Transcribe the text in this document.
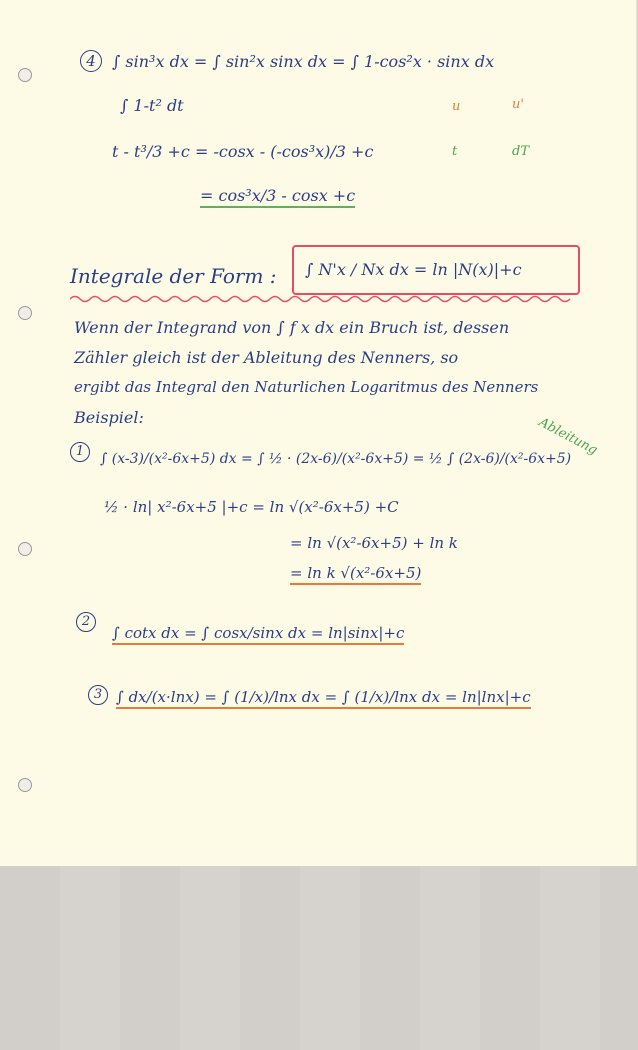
4	∫ sin³x dx = ∫ sin²x sinx dx = ∫ 1-cos²x · sinx dx
u	u'
t	dT
∫ 1-t² dt
t - t³/3 +c = -cosx - (-cos³x)/3 +c
= cos³x/3 - cosx +c
Integrale der Form : ∫ N'x / Nx dx = ln |N(x)|+c
Wenn der Integrand von ∫ f x dx ein Bruch ist, dessen
Zähler gleich ist der Ableitung des Nenners, so
ergibt das Integral den Naturlichen Logaritmus des Nenners
Beispiel:
1	∫ (x-3)/(x²-6x+5) dx = ∫ ½ · (2x-6)/(x²-6x+5) = ½ ∫ (2x-6)/(x²-6x+5)
Ableitung
½ · ln| x²-6x+5 |+c = ln √(x²-6x+5) +C
= ln √(x²-6x+5) + ln k
= ln k √(x²-6x+5)
2
∫ cotx dx = ∫ cosx/sinx dx = ln|sinx|+c
3 ∫ dx/(x·lnx) = ∫ (1/x)/lnx dx = ∫ (1/x)/lnx dx = ln|lnx|+c
